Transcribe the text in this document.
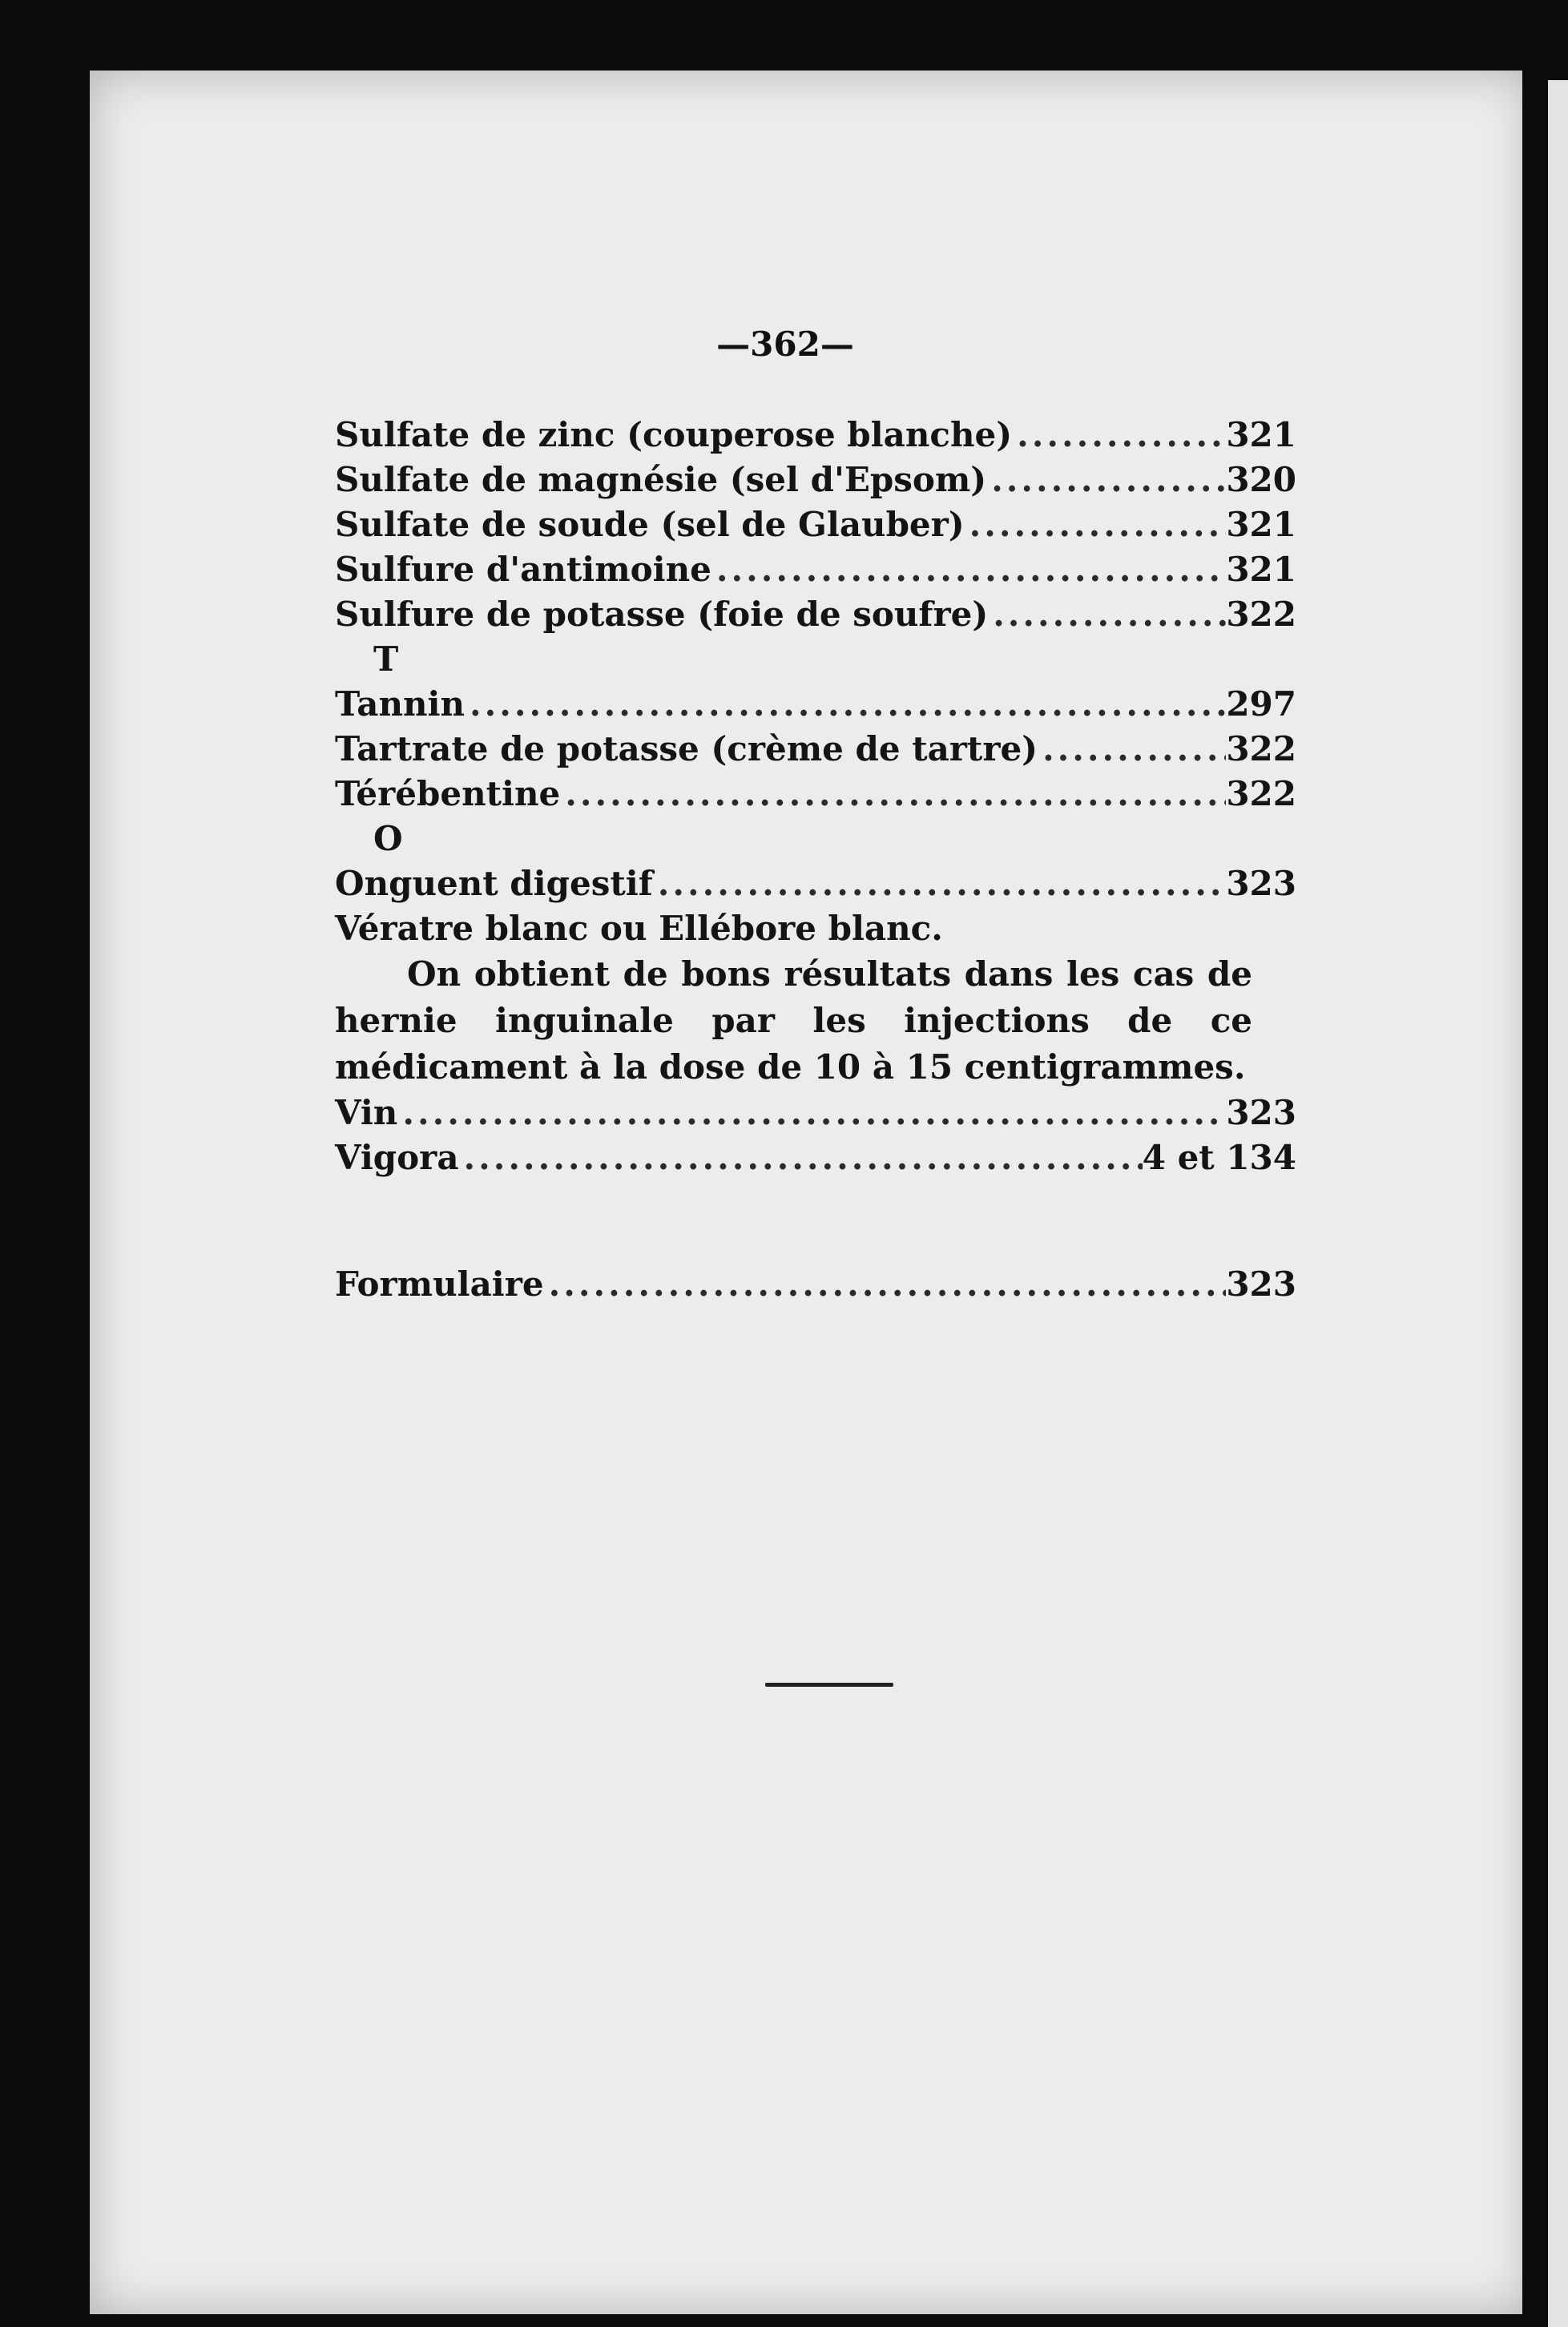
—362—
Sulfate de zinc (couperose blanche) .....	321
Sulfate de magnésie (sel d'Epsom) .....	320
Sulfate de soude (sel de Glauber) .....	321
Sulfure d'antimoine .....	321
Sulfure de potasse (foie de soufre) .....	322
T
Tannin .....	297
Tartrate de potasse (crème de tartre) .....	322
Térébentine .....	322
O
Onguent digestif .....	323
Vératre blanc ou Ellébore blanc.
On obtient de bons résultats dans les cas de hernie inguinale par les injections de ce médicament à la dose de 10 à 15 centigrammes.
Vin .....	323
Vigora .....	4 et 134
Formulaire .....	323
